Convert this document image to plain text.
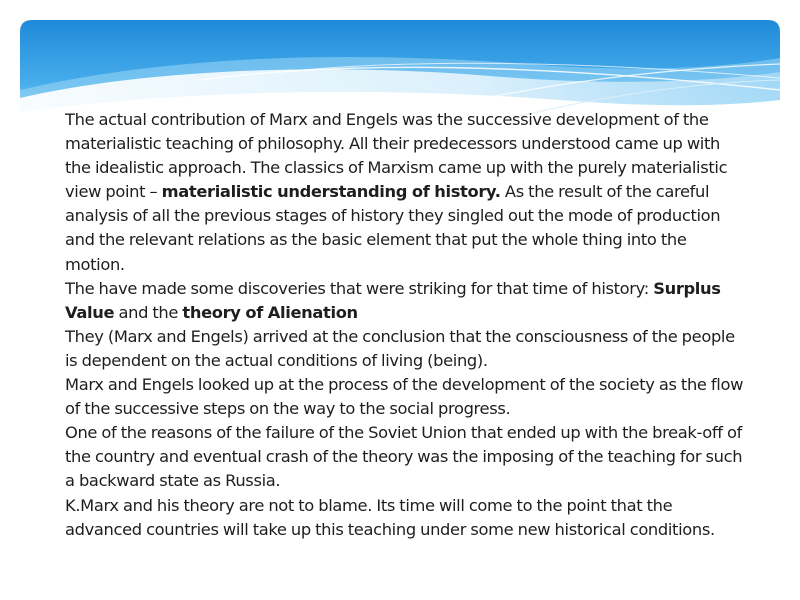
The actual contribution of Marx and Engels was the successive development of the materialistic teaching of philosophy. All their predecessors understood came up with the idealistic approach. The classics of Marxism came up with the purely materialistic view point – materialistic understanding of history. As the result of the careful analysis of all the previous stages of history they singled out the mode of production and the relevant relations as the basic element that put the whole thing into the motion.

The have made some discoveries that were striking for that time of history: Surplus Value and the theory of Alienation

They (Marx and Engels) arrived at the conclusion that the consciousness of the people is dependent on the actual conditions of living (being).

Marx and Engels looked up at the process of the development of the society as the flow of the successive steps on the way to the social progress.

One of the reasons of the failure of the Soviet Union that ended up with the break-off of the country and eventual crash of the theory was the imposing of the teaching for such a backward state as Russia.

K.Marx and his theory are not to blame. Its time will come to the point that the advanced countries will take up this teaching under some new historical conditions.
